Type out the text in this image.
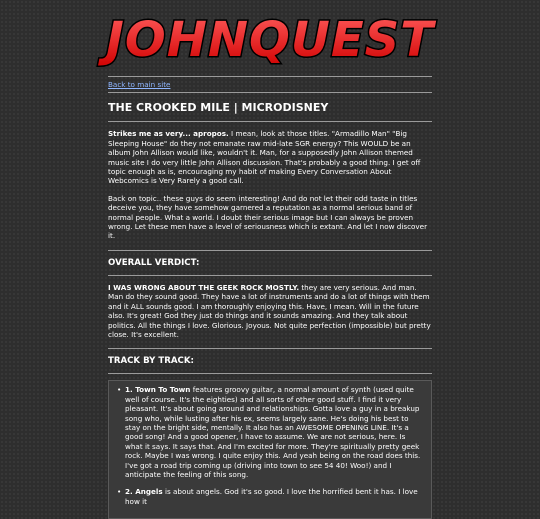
JOHNQUEST
Back to main site
THE CROOKED MILE | MICRODISNEY

Strikes me as very... apropos. I mean, look at those titles. "Armadillo Man" "Big Sleeping House" do they not emanate raw mid-late SGR energy? This WOULD be an album John Allison would like, wouldn't it. Man, for a supposedly John Allison themed music site I do very little John Allison discussion. That's probably a good thing. I get off topic enough as is, encouraging my habit of making Every Conversation About Webcomics is Very Rarely a good call.

Back on topic.. these guys do seem interesting! And do not let their odd taste in titles deceive you, they have somehow garnered a reputation as a normal serious band of normal people. What a world. I doubt their serious image but I can always be proven wrong. Let these men have a level of seriousness which is extant. And let I now discover it.

OVERALL VERDICT:

I WAS WRONG ABOUT THE GEEK ROCK MOSTLY. they are very serious. And man. Man do they sound good. They have a lot of instruments and do a lot of things with them and it ALL sounds good. I am thoroughly enjoying this. Have, I mean. Will in the future also. It's great! God they just do things and it sounds amazing. And they talk about politics. All the things I love. Glorious. Joyous. Not quite perfection (impossible) but pretty close. It's excellent.

TRACK BY TRACK:
• 1. Town To Town features groovy guitar, a normal amount of synth (used quite well of course. It's the eighties) and all sorts of other good stuff. I find it very pleasant. It's about going around and relationships. Gotta love a guy in a breakup song who, while lusting after his ex, seems largely sane. He's doing his best to stay on the bright side, mentally. It also has an AWESOME OPENING LINE. It's a good song! And a good opener, I have to assume. We are not serious, here. Is what it says. It says that. And I'm excited for more. They're spiritually pretty geek rock. Maybe I was wrong. I quite enjoy this. And yeah being on the road does this. I've got a road trip coming up (driving into town to see 54 40! Woo!) and I anticipate the feeling of this song.
• 2. Angels is about angels. God it's so good. I love the horrified bent it has. I love how it
